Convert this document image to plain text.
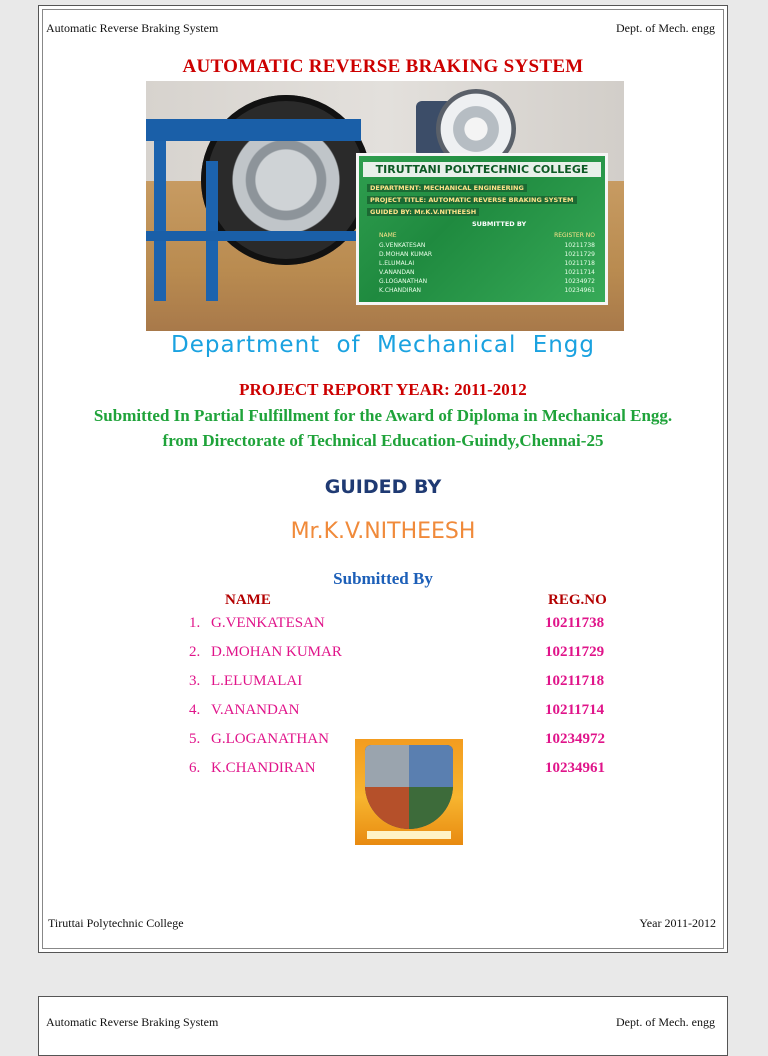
Automatic Reverse Braking System	Dept. of Mech. engg
AUTOMATIC REVERSE BRAKING SYSTEM
TIRUTTANI POLYTECHNIC COLLEGE
DEPARTMENT: MECHANICAL ENGINEERING
PROJECT TITLE: AUTOMATIC REVERSE BRAKING SYSTEM
GUIDED BY: Mr.K.V.NITHEESH
SUBMITTED BY
NAME	REGISTER NO
G.VENKATESAN	10211738
D.MOHAN KUMAR	10211729
L.ELUMALAI	10211718
V.ANANDAN	10211714
G.LOGANATHAN	10234972
K.CHANDIRAN	10234961
Department of Mechanical Engg
PROJECT REPORT YEAR: 2011-2012
Submitted In Partial Fulfillment for the Award of Diploma in Mechanical Engg. from Directorate of Technical Education-Guindy,Chennai-25
GUIDED BY
Mr.K.V.NITHEESH
Submitted By
NAME	REG.NO
1. G.VENKATESAN	10211738
2. D.MOHAN KUMAR	10211729
3. L.ELUMALAI	10211718
4. V.ANANDAN	10211714
5. G.LOGANATHAN	10234972
6. K.CHANDIRAN	10234961
Tiruttai Polytechnic College	Year 2011-2012
Automatic Reverse Braking System	Dept. of Mech. engg
